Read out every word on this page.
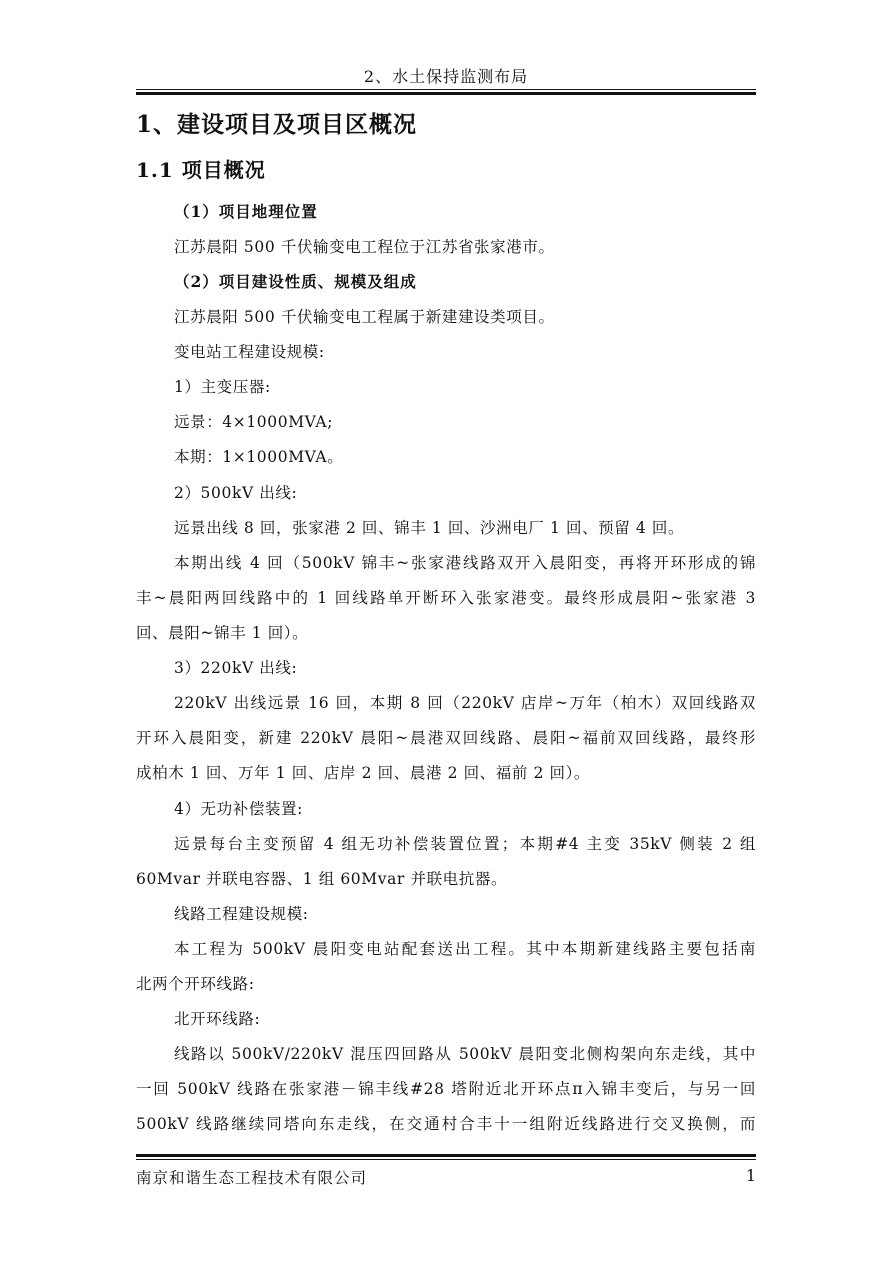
2、水土保持监测布局
1、建设项目及项目区概况
1.1 项目概况
（1）项目地理位置
江苏晨阳 500 千伏输变电工程位于江苏省张家港市。
（2）项目建设性质、规模及组成
江苏晨阳 500 千伏输变电工程属于新建建设类项目。
变电站工程建设规模:
1）主变压器:
远景：4×1000MVA;
本期：1×1000MVA。
2）500kV 出线:
远景出线 8 回，张家港 2 回、锦丰 1 回、沙洲电厂 1 回、预留 4 回。
本期出线 4 回（500kV 锦丰~张家港线路双开入晨阳变，再将开环形成的锦
丰~晨阳两回线路中的 1 回线路单开断环入张家港变。最终形成晨阳~张家港 3
回、晨阳~锦丰 1 回）。
3）220kV 出线:
220kV 出线远景 16 回，本期 8 回（220kV 店岸~万年（柏木）双回线路双
开环入晨阳变，新建 220kV 晨阳~晨港双回线路、晨阳~福前双回线路，最终形
成柏木 1 回、万年 1 回、店岸 2 回、晨港 2 回、福前 2 回）。
4）无功补偿装置:
远景每台主变预留 4 组无功补偿装置位置；本期#4 主变 35kV 侧装 2 组
60Mvar 并联电容器、1 组 60Mvar 并联电抗器。
线路工程建设规模:
本工程为 500kV 晨阳变电站配套送出工程。其中本期新建线路主要包括南
北两个开环线路:
北开环线路:
线路以 500kV/220kV 混压四回路从 500kV 晨阳变北侧构架向东走线，其中
一回 500kV 线路在张家港－锦丰线#28 塔附近北开环点π入锦丰变后，与另一回
500kV 线路继续同塔向东走线，在交通村合丰十一组附近线路进行交叉换侧，而
南京和谐生态工程技术有限公司	1
